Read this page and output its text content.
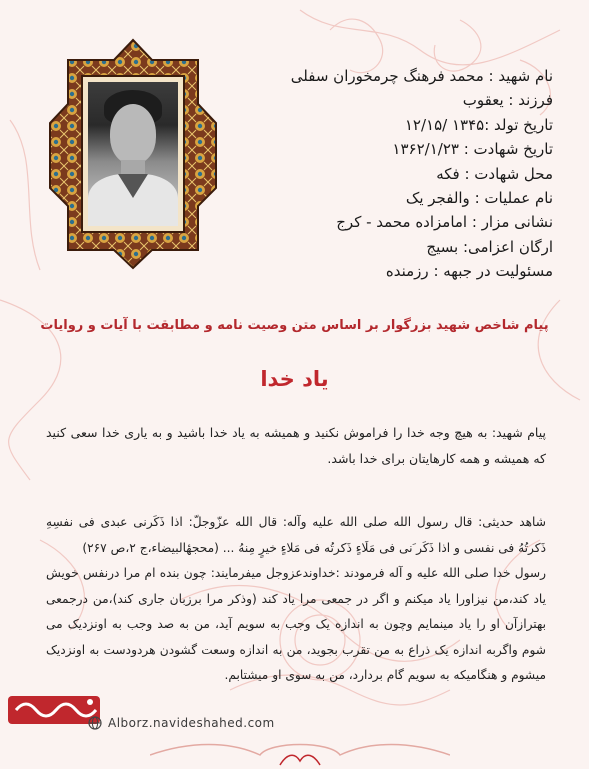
نام شهید : محمد فرهنگ چرمخوران سفلی
فرزند : یعقوب
تاریخ تولد :۱۳۴۵ /۱۲/۱۵
تاریخ شهادت : ۱۳۶۲/۱/۲۳
محل شهادت : فکه
نام عملیات : والفجر یک
نشانی مزار : امامزاده محمد - کرج
ارگان اعزامی: بسیج
مسئولیت در جبهه : رزمنده
پیام شاخص شهید بزرگوار بر اساس متن وصیت نامه و مطابقت با آیات و روایات
یاد خدا
پیام شهید: به هیچ وجه خدا را فراموش نکنید و همیشه به یاد خدا باشید و به یاری خدا سعی کنید که همیشه و همه کارهایتان برای خدا باشد.

شاهد حدیثی: قال رسول الله صلی الله علیه وآله: قال الله عزّوجلّ: اذا ذَکَرنی عبدی فی نفسِهِ ذَکرتُهُ فی نفسی و اذا ذَکَر َنی فی مَلَاءٍ ذَکرتُه فی مَلاءٍ خیرٍ مِنهُ ... (محجهٔالبیضاء،ج ۲،ص ۲۶۷)

رسول خدا صلی الله علیه و آله فرمودند :خداوندعزوجل میفرمایند: چون بنده ام مرا درنفس خویش یاد کند،من نیزاورا یاد میکنم و اگر در جمعی مرا یاد کند (وذکر مرا برزبان جاری کند)،من درجمعی بهترازآن او را یاد مینمایم وچون به اندازه یک وجب به سویم آید، من به صد وجب به اونزدیک می شوم واگربه اندازه یک ذراع به من تقرب بجوید، من به اندازه وسعت گشودن هردودست به اونزدیک میشوم و هنگامیکه به سویم گام بردارد، من به سوی او میشتابم.

Alborz.navideshahed.com
